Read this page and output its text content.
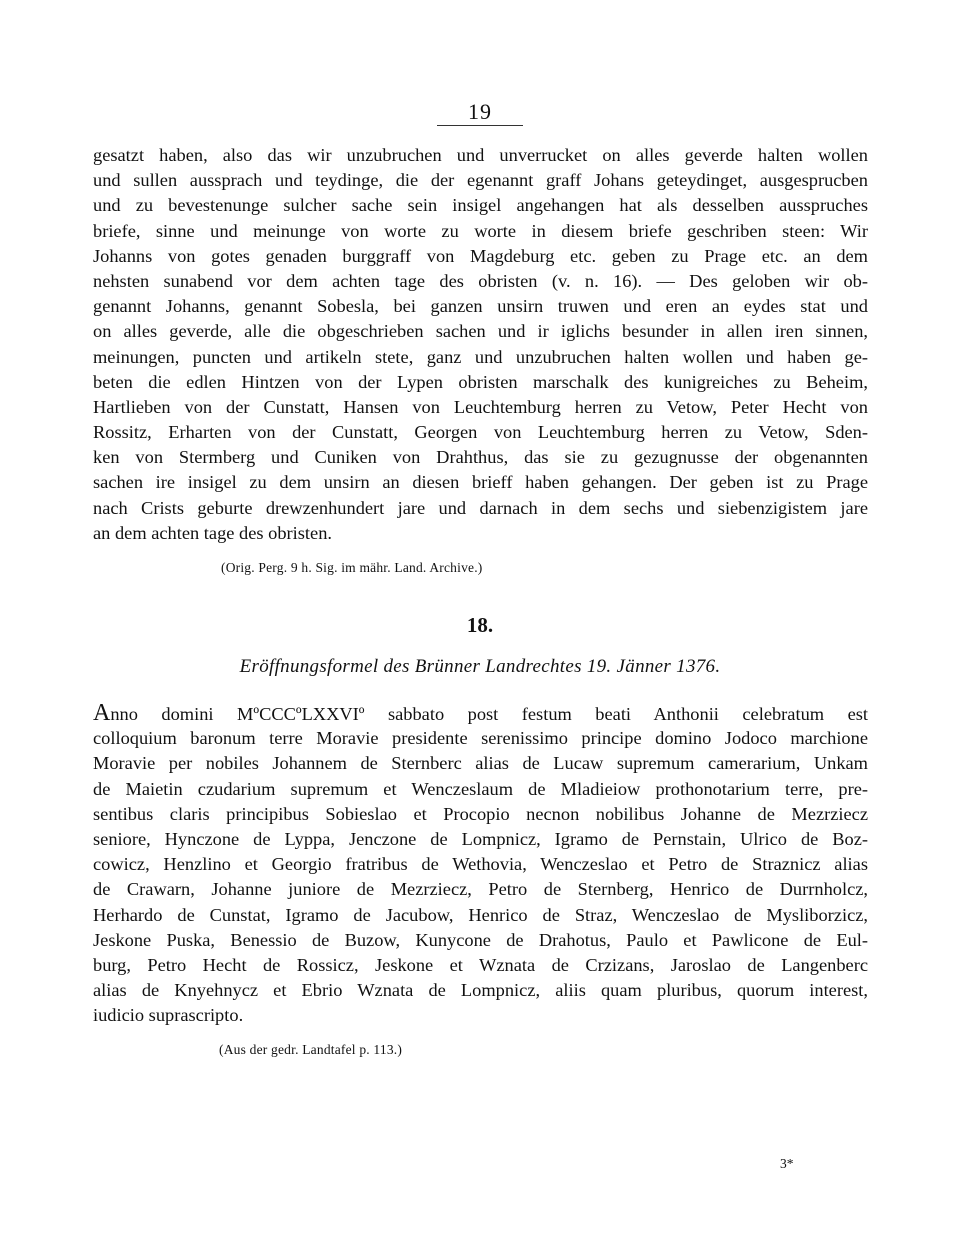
19
gesatzt haben, also das wir unzubruchen und unverrucket on alles geverde halten wollen
und sullen aussprach und teydinge, die der egenannt graff Johans geteydinget, ausgesprucben
und zu bevestenunge sulcher sache sein insigel angehangen hat als desselben ausspruches
briefe, sinne und meinunge von worte zu worte in diesem briefe geschriben steen: Wir
Johanns von gotes genaden burggraff von Magdeburg etc. geben zu Prage etc. an dem
nehsten sunabend vor dem achten tage des obristen (v. n. 16). — Des geloben wir ob-
genannt Johanns, genannt Sobesla, bei ganzen unsirn truwen und eren an eydes stat und
on alles geverde, alle die obgeschrieben sachen und ir iglichs besunder in allen iren sinnen,
meinungen, puncten und artikeln stete, ganz und unzubruchen halten wollen und haben ge-
beten die edlen Hintzen von der Lypen obristen marschalk des kunigreiches zu Beheim,
Hartlieben von der Cunstatt, Hansen von Leuchtemburg herren zu Vetow, Peter Hecht von
Rossitz, Erharten von der Cunstatt, Georgen von Leuchtemburg herren zu Vetow, Sden-
ken von Stermberg und Cuniken von Drahthus, das sie zu gezugnusse der obgenannten
sachen ire insigel zu dem unsirn an diesen brieff haben gehangen. Der geben ist zu Prage
nach Crists geburte drewzenhundert jare und darnach in dem sechs und siebenzigistem jare
an dem achten tage des obristen.
(Orig. Perg. 9 h. Sig. im mähr. Land. Archive.)
18.
Eröffnungsformel des Brünner Landrechtes 19. Jänner 1376.
Anno domini MºCCCºLXXVIº sabbato post festum beati Anthonii celebratum est
colloquium baronum terre Moravie presidente serenissimo principe domino Jodoco marchione
Moravie per nobiles Johannem de Sternberc alias de Lucaw supremum camerarium, Unkam
de Maietin czudarium supremum et Wenczeslaum de Mladieiow prothonotarium terre, pre-
sentibus claris principibus Sobieslao et Procopio necnon nobilibus Johanne de Mezrziecz
seniore, Hynczone de Lyppa, Jenczone de Lompnicz, Igramo de Pernstain, Ulrico de Boz-
cowicz, Henzlino et Georgio fratribus de Wethovia, Wenczeslao et Petro de Straznicz alias
de Crawarn, Johanne juniore de Mezrziecz, Petro de Sternberg, Henrico de Durrnholcz,
Herhardo de Cunstat, Igramo de Jacubow, Henrico de Straz, Wenczeslao de Mysliborzicz,
Jeskone Puska, Benessio de Buzow, Kunycone de Drahotus, Paulo et Pawlicone de Eul-
burg, Petro Hecht de Rossicz, Jeskone et Wznata de Crzizans, Jaroslao de Langenberc
alias de Knyehnycz et Ebrio Wznata de Lompnicz, aliis quam pluribus, quorum interest,
iudicio suprascripto.
(Aus der gedr. Landtafel p. 113.)
3*
